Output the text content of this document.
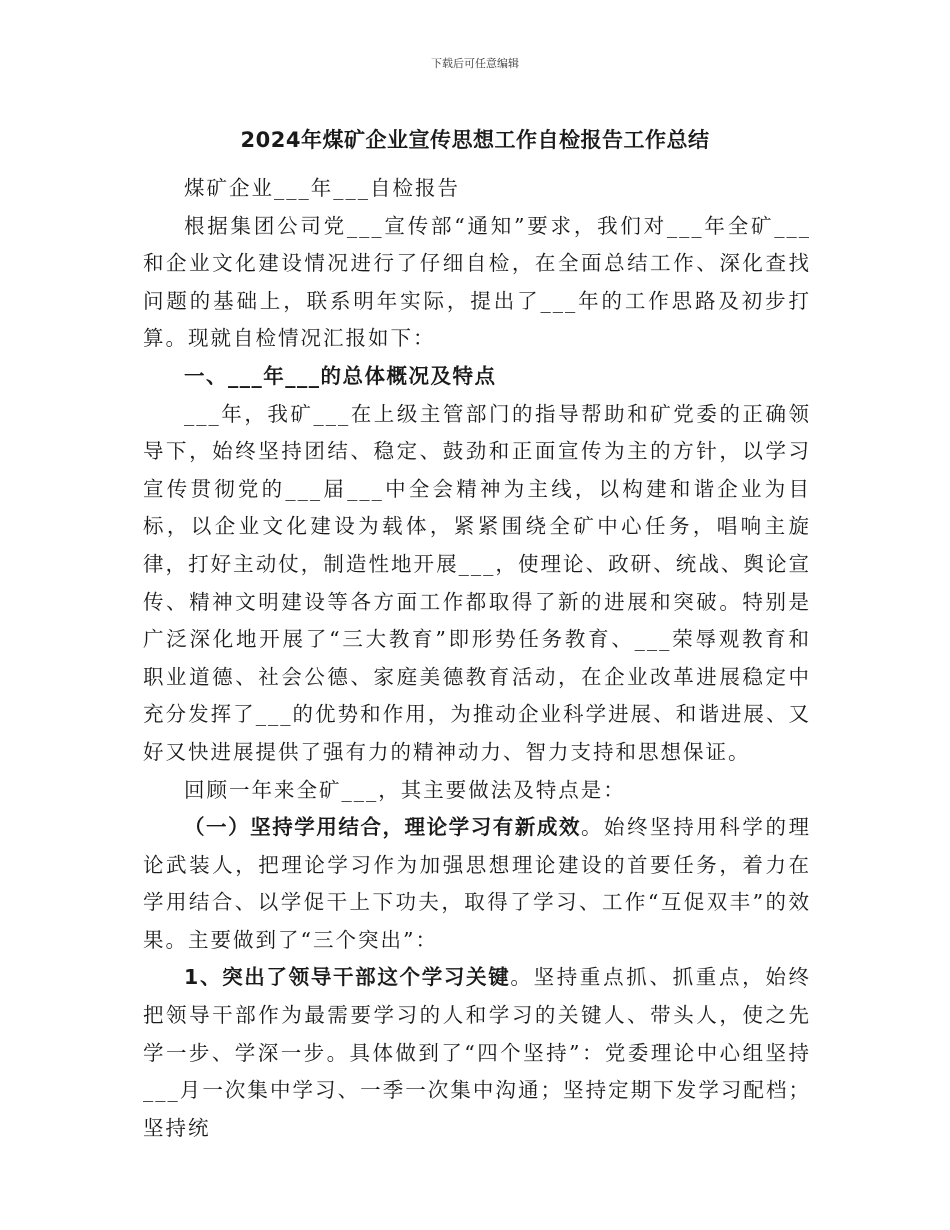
下载后可任意编辑
2024年煤矿企业宣传思想工作自检报告工作总结

煤矿企业___年___自检报告

根据集团公司党___宣传部“通知”要求，我们对___年全矿___和企业文化建设情况进行了仔细自检，在全面总结工作、深化查找问题的基础上，联系明年实际，提出了___年的工作思路及初步打算。现就自检情况汇报如下：

一、___年___的总体概况及特点

___年，我矿___在上级主管部门的指导帮助和矿党委的正确领导下，始终坚持团结、稳定、鼓劲和正面宣传为主的方针，以学习宣传贯彻党的___届___中全会精神为主线，以构建和谐企业为目标，以企业文化建设为载体，紧紧围绕全矿中心任务，唱响主旋律，打好主动仗，制造性地开展___，使理论、政研、统战、舆论宣传、精神文明建设等各方面工作都取得了新的进展和突破。特别是广泛深化地开展了“三大教育”即形势任务教育、___荣辱观教育和职业道德、社会公德、家庭美德教育活动，在企业改革进展稳定中充分发挥了___的优势和作用，为推动企业科学进展、和谐进展、又好又快进展提供了强有力的精神动力、智力支持和思想保证。

回顾一年来全矿___，其主要做法及特点是：

（一）坚持学用结合，理论学习有新成效。始终坚持用科学的理论武装人，把理论学习作为加强思想理论建设的首要任务，着力在学用结合、以学促干上下功夫，取得了学习、工作“互促双丰”的效果。主要做到了“三个突出”：

1、突出了领导干部这个学习关键。坚持重点抓、抓重点，始终把领导干部作为最需要学习的人和学习的关键人、带头人，使之先学一步、学深一步。具体做到了“四个坚持”：党委理论中心组坚持___月一次集中学习、一季一次集中沟通；坚持定期下发学习配档；坚持统
